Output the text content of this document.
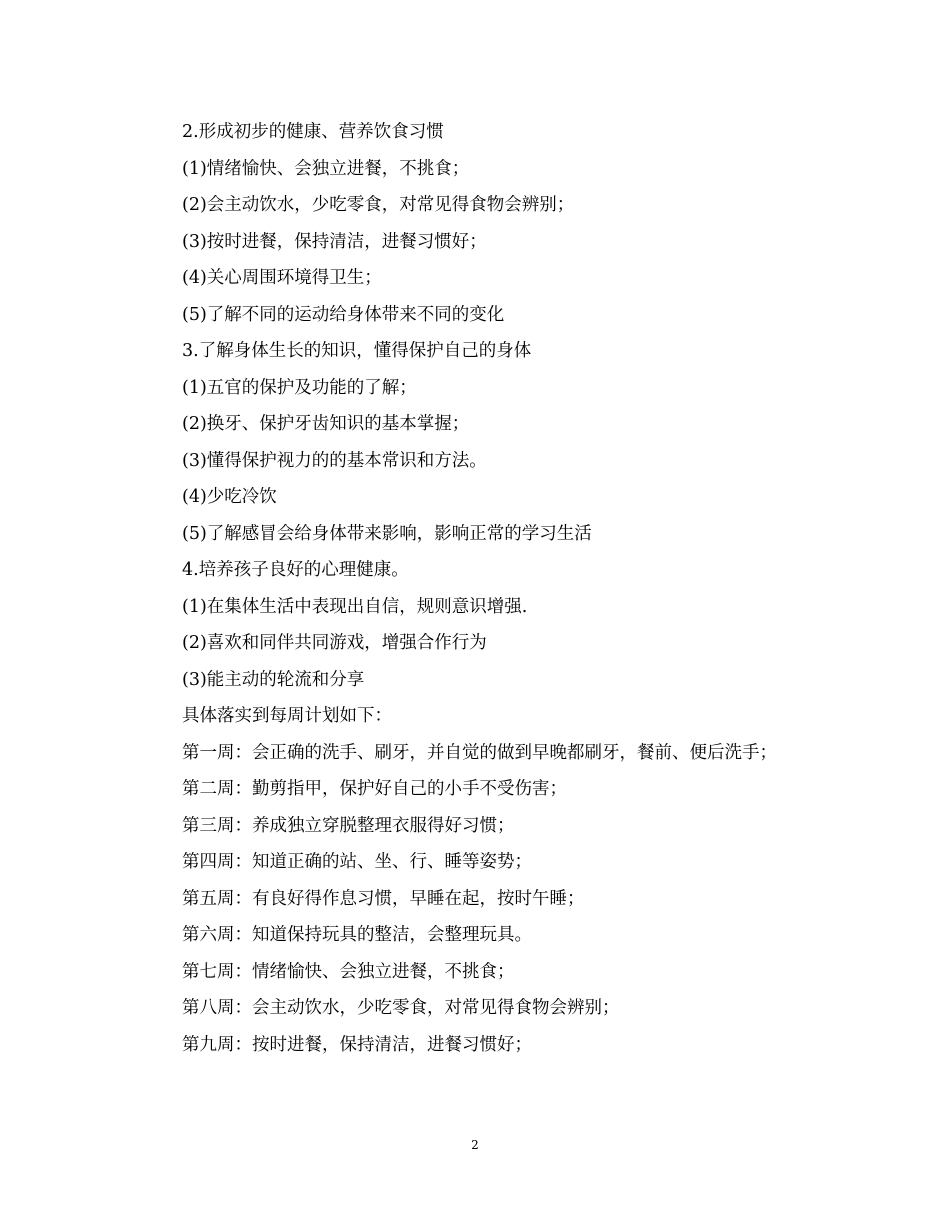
2.形成初步的健康、营养饮食习惯
(1)情绪愉快、会独立进餐，不挑食；
(2)会主动饮水，少吃零食，对常见得食物会辨别；
(3)按时进餐，保持清洁，进餐习惯好；
(4)关心周围环境得卫生；
(5)了解不同的运动给身体带来不同的变化
3.了解身体生长的知识，懂得保护自己的身体
(1)五官的保护及功能的了解；
(2)换牙、保护牙齿知识的基本掌握；
(3)懂得保护视力的的基本常识和方法。
(4)少吃冷饮
(5)了解感冒会给身体带来影响，影响正常的学习生活
4.培养孩子良好的心理健康。
(1)在集体生活中表现出自信，规则意识增强.
(2)喜欢和同伴共同游戏，增强合作行为
(3)能主动的轮流和分享
具体落实到每周计划如下：
第一周：会正确的洗手、刷牙，并自觉的做到早晚都刷牙，餐前、便后洗手；
第二周：勤剪指甲，保护好自己的小手不受伤害；
第三周：养成独立穿脱整理衣服得好习惯；
第四周：知道正确的站、坐、行、睡等姿势；
第五周：有良好得作息习惯，早睡在起，按时午睡；
第六周：知道保持玩具的整洁，会整理玩具。
第七周：情绪愉快、会独立进餐，不挑食；
第八周：会主动饮水，少吃零食，对常见得食物会辨别；
第九周：按时进餐，保持清洁，进餐习惯好；
2
